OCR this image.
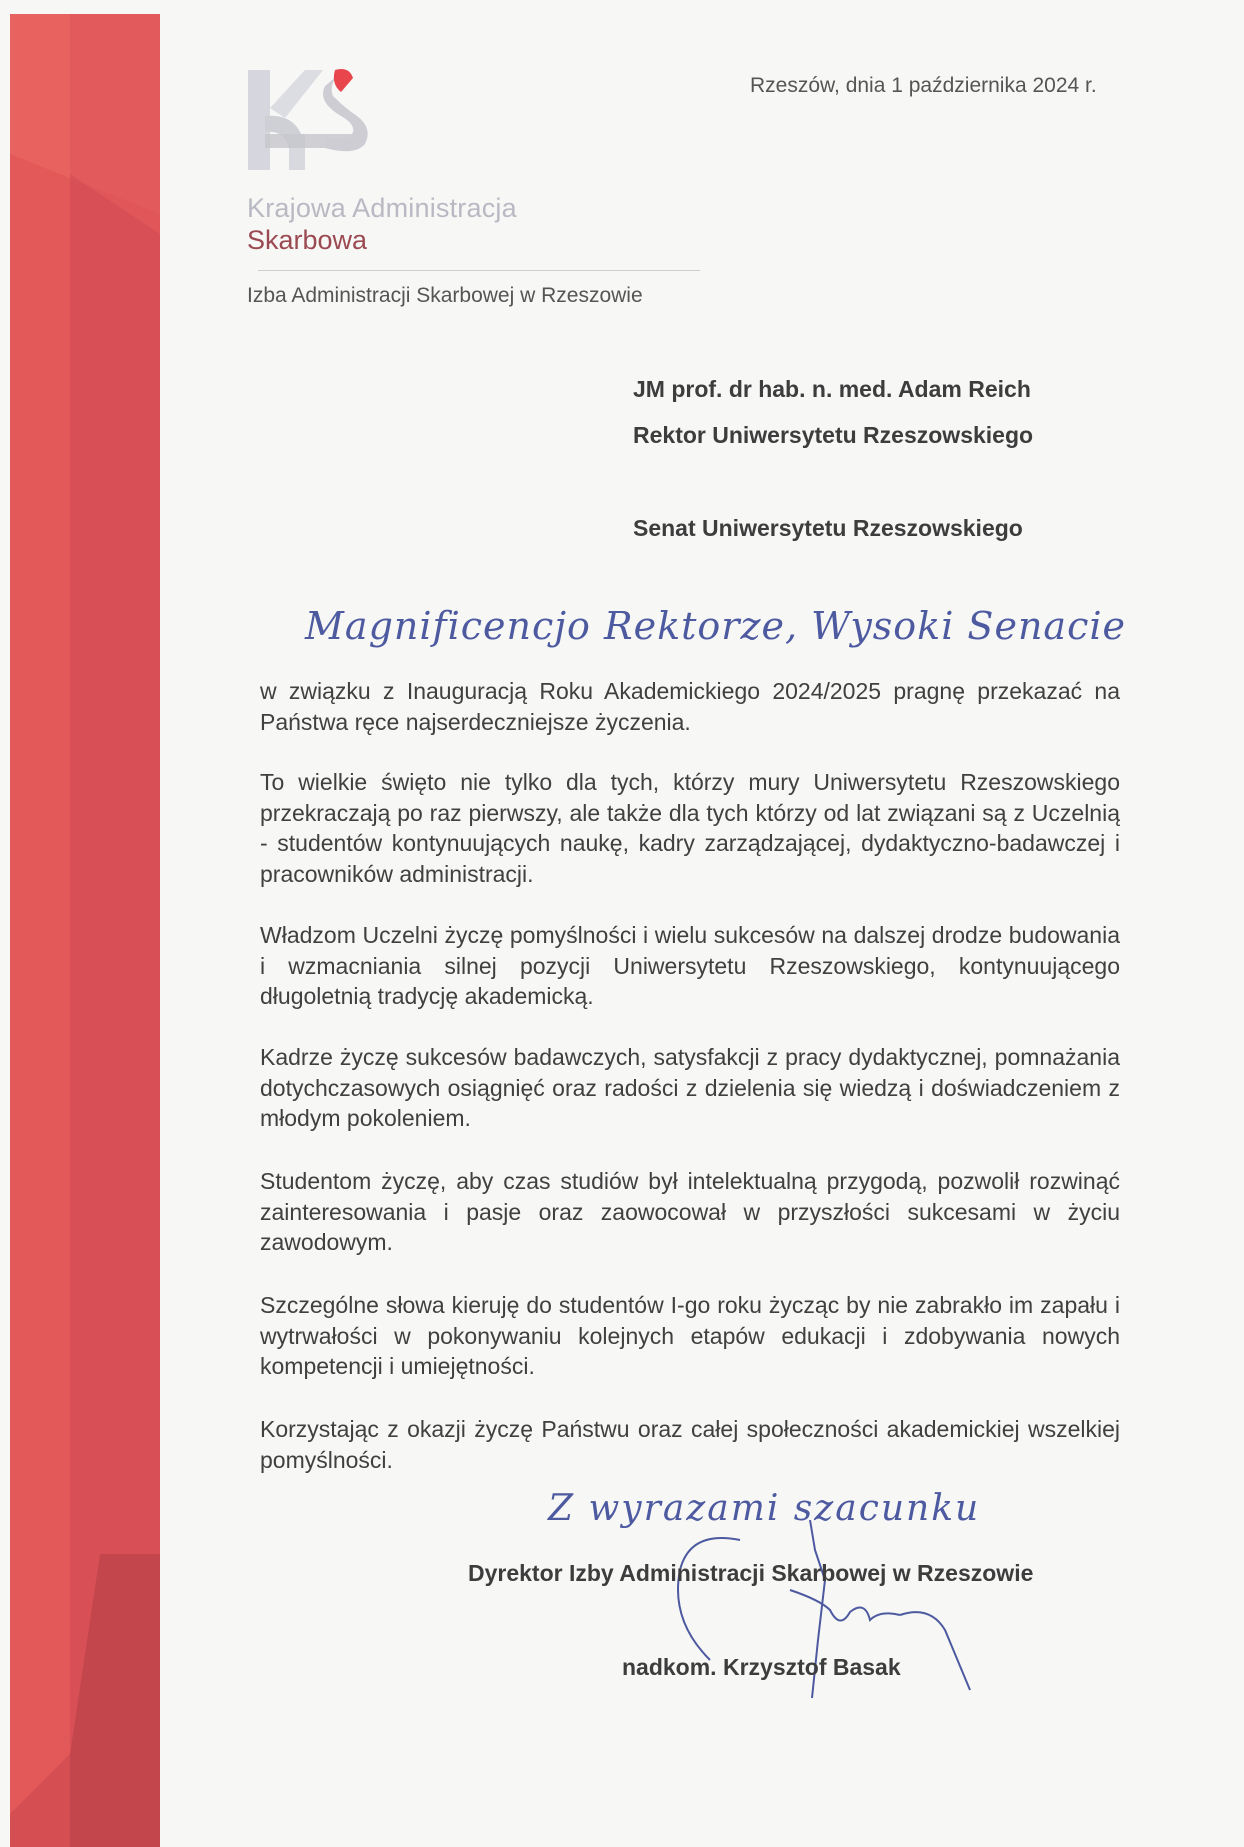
Krajowa Administracja
Skarbowa
Izba Administracji Skarbowej w Rzeszowie
Rzeszów, dnia 1 października 2024 r.
JM prof. dr hab. n. med. Adam Reich
Rektor Uniwersytetu Rzeszowskiego
Senat Uniwersytetu Rzeszowskiego
Magnificencjo Rektorze, Wysoki Senacie

w związku z Inauguracją Roku Akademickiego 2024/2025 pragnę przekazać na Państwa ręce najserdeczniejsze życzenia.

To wielkie święto nie tylko dla tych, którzy mury Uniwersytetu Rzeszowskiego przekraczają po raz pierwszy, ale także dla tych którzy od lat związani są z Uczelnią - studentów kontynuujących naukę, kadry zarządzającej, dydaktyczno-badawczej i pracowników administracji.

Władzom Uczelni życzę pomyślności i wielu sukcesów na dalszej drodze budowania i wzmacniania silnej pozycji Uniwersytetu Rzeszowskiego, kontynuującego długoletnią tradycję akademicką.

Kadrze życzę sukcesów badawczych, satysfakcji z pracy dydaktycznej, pomnażania dotychczasowych osiągnięć oraz radości z dzielenia się wiedzą i doświadczeniem z młodym pokoleniem.

Studentom życzę, aby czas studiów był intelektualną przygodą, pozwolił rozwinąć zainteresowania i pasje oraz zaowocował w przyszłości sukcesami w życiu zawodowym.

Szczególne słowa kieruję do studentów I-go roku życząc by nie zabrakło im zapału i wytrwałości w pokonywaniu kolejnych etapów edukacji i zdobywania nowych kompetencji i umiejętności.

Korzystając z okazji życzę Państwu oraz całej społeczności akademickiej wszelkiej pomyślności.

Z wyrazami szacunku
Dyrektor Izby Administracji Skarbowej w Rzeszowie
nadkom. Krzysztof Basak
